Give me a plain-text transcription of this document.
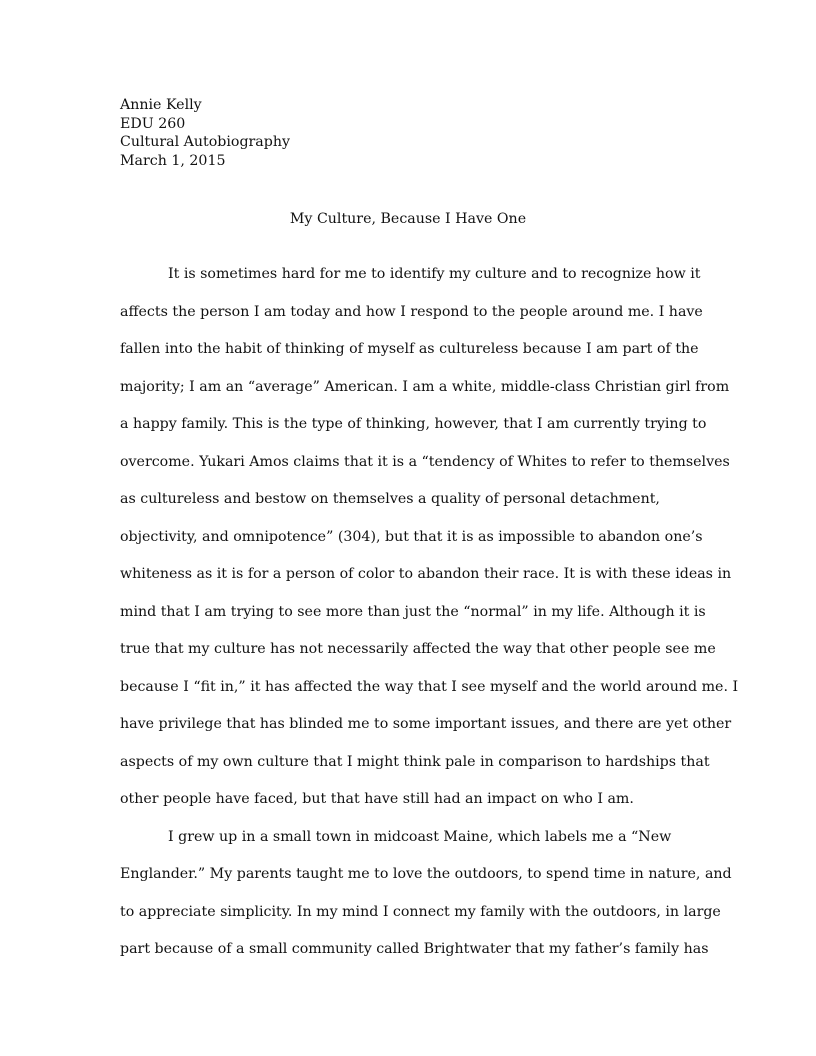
Annie Kelly
EDU 260
Cultural Autobiography
March 1, 2015
My Culture, Because I Have One
It is sometimes hard for me to identify my culture and to recognize how it
affects the person I am today and how I respond to the people around me. I have
fallen into the habit of thinking of myself as cultureless because I am part of the
majority; I am an “average” American. I am a white, middle-class Christian girl from
a happy family. This is the type of thinking, however, that I am currently trying to
overcome. Yukari Amos claims that it is a “tendency of Whites to refer to themselves
as cultureless and bestow on themselves a quality of personal detachment,
objectivity, and omnipotence” (304), but that it is as impossible to abandon one’s
whiteness as it is for a person of color to abandon their race. It is with these ideas in
mind that I am trying to see more than just the “normal” in my life. Although it is
true that my culture has not necessarily affected the way that other people see me
because I “fit in,” it has affected the way that I see myself and the world around me. I
have privilege that has blinded me to some important issues, and there are yet other
aspects of my own culture that I might think pale in comparison to hardships that
other people have faced, but that have still had an impact on who I am.
I grew up in a small town in midcoast Maine, which labels me a “New
Englander.” My parents taught me to love the outdoors, to spend time in nature, and
to appreciate simplicity. In my mind I connect my family with the outdoors, in large
part because of a small community called Brightwater that my father’s family has
